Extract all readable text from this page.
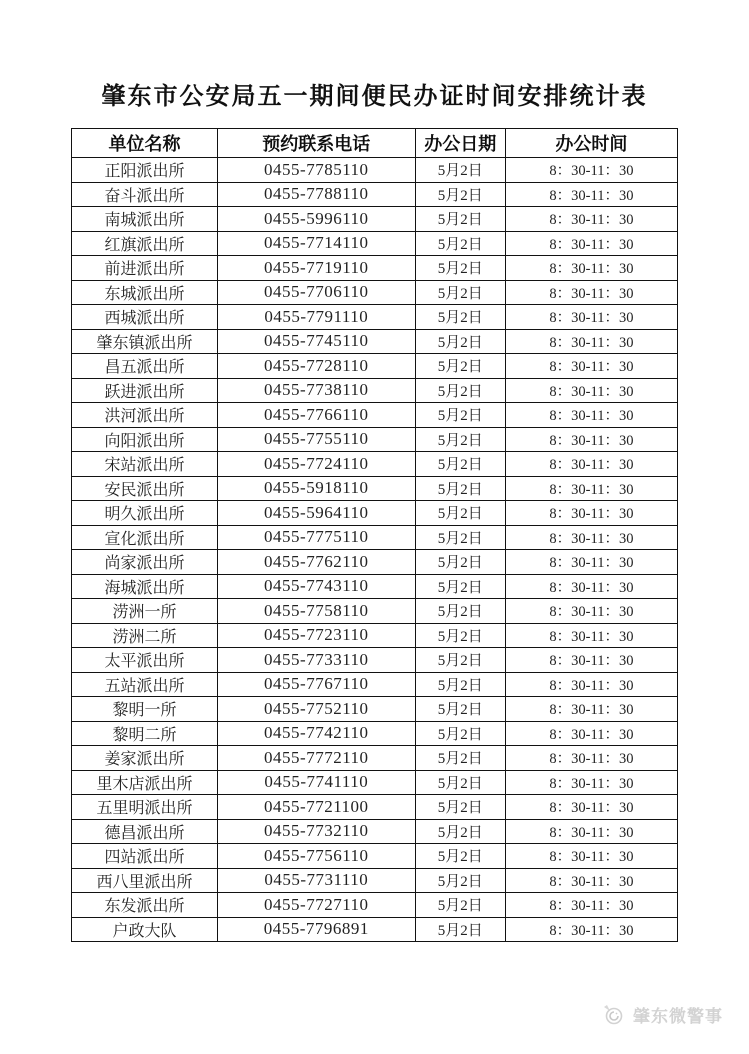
肇东市公安局五一期间便民办证时间安排统计表
单位名称	预约联系电话	办公日期	办公时间
正阳派出所	0455-7785110	5月2日	8：30-11：30
奋斗派出所	0455-7788110	5月2日	8：30-11：30
南城派出所	0455-5996110	5月2日	8：30-11：30
红旗派出所	0455-7714110	5月2日	8：30-11：30
前进派出所	0455-7719110	5月2日	8：30-11：30
东城派出所	0455-7706110	5月2日	8：30-11：30
西城派出所	0455-7791110	5月2日	8：30-11：30
肇东镇派出所	0455-7745110	5月2日	8：30-11：30
昌五派出所	0455-7728110	5月2日	8：30-11：30
跃进派出所	0455-7738110	5月2日	8：30-11：30
洪河派出所	0455-7766110	5月2日	8：30-11：30
向阳派出所	0455-7755110	5月2日	8：30-11：30
宋站派出所	0455-7724110	5月2日	8：30-11：30
安民派出所	0455-5918110	5月2日	8：30-11：30
明久派出所	0455-5964110	5月2日	8：30-11：30
宣化派出所	0455-7775110	5月2日	8：30-11：30
尚家派出所	0455-7762110	5月2日	8：30-11：30
海城派出所	0455-7743110	5月2日	8：30-11：30
涝洲一所	0455-7758110	5月2日	8：30-11：30
涝洲二所	0455-7723110	5月2日	8：30-11：30
太平派出所	0455-7733110	5月2日	8：30-11：30
五站派出所	0455-7767110	5月2日	8：30-11：30
黎明一所	0455-7752110	5月2日	8：30-11：30
黎明二所	0455-7742110	5月2日	8：30-11：30
姜家派出所	0455-7772110	5月2日	8：30-11：30
里木店派出所	0455-7741110	5月2日	8：30-11：30
五里明派出所	0455-7721100	5月2日	8：30-11：30
德昌派出所	0455-7732110	5月2日	8：30-11：30
四站派出所	0455-7756110	5月2日	8：30-11：30
西八里派出所	0455-7731110	5月2日	8：30-11：30
东发派出所	0455-7727110	5月2日	8：30-11：30
户政大队	0455-7796891	5月2日	8：30-11：30
肇东微警事
